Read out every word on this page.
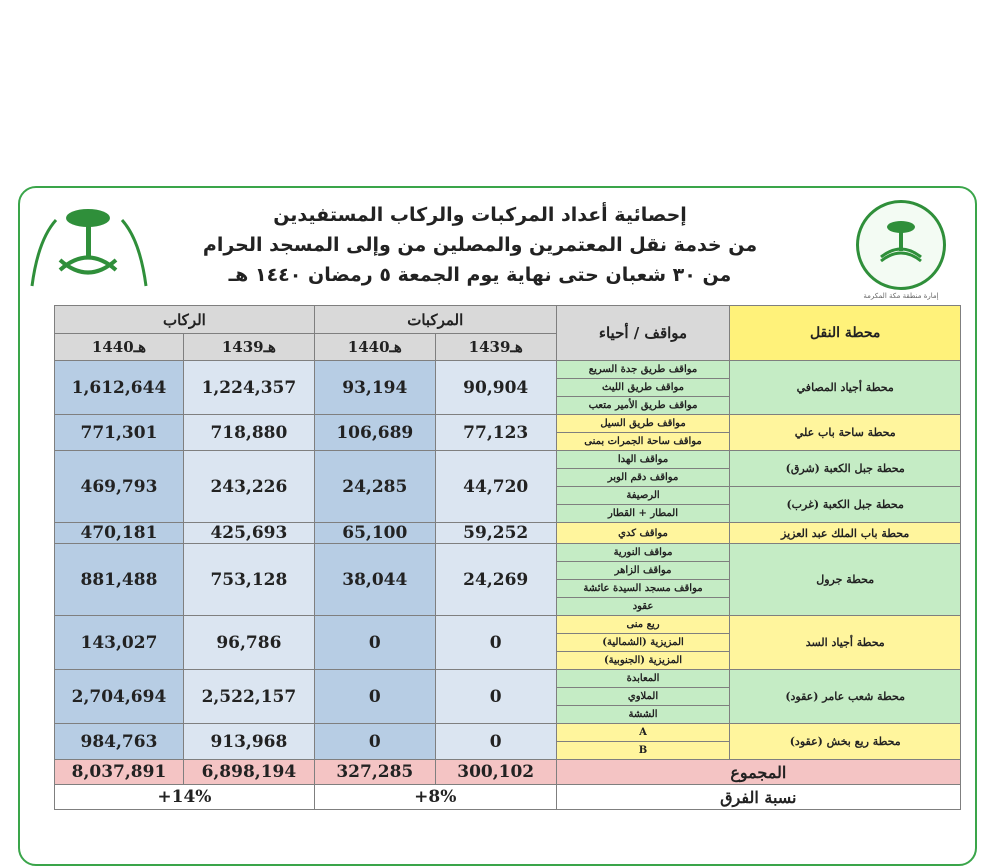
إمارة منطقة مكة المكرمة
إحصائية أعداد المركبات والركاب المستفيدين
من خدمة نقل المعتمرين والمصلين من وإلى المسجد الحرام
من ٣٠ شعبان حتى نهاية يوم الجمعة ٥ رمضان ١٤٤٠ هـ
الركاب		المركبات		مواقف / أحياء	محطة النقل
1440هـ	1439هـ	1440هـ	1439هـ		
1,612,644	1,224,357	93,194	90,904	مواقف طريق جدة السريع	محطة أجياد المصافي
				مواقف طريق الليث	
				مواقف طريق الأمير متعب	
771,301	718,880	106,689	77,123	مواقف طريق السيل	محطة ساحة باب علي
				مواقف ساحة الجمرات بمنى	
469,793	243,226	24,285	44,720	مواقف الهدا	محطة جبل الكعبة (شرق)
				مواقف دقم الوبر	
				الرصيفة	محطة جبل الكعبة (غرب)
				المطار + القطار	
470,181	425,693	65,100	59,252	مواقف كدي	محطة باب الملك عبد العزيز
881,488	753,128	38,044	24,269	مواقف النورية	محطة جرول
				مواقف الزاهر	
				مواقف مسجد السيدة عائشة	
				عقود	
143,027	96,786	0	0	ريع منى	محطة أجياد السد
				المزيزية (الشمالية)	
				المزيزية (الجنوبية)	
2,704,694	2,522,157	0	0	المعابدة	محطة شعب عامر (عقود)
				الملاوي	
				الششة	
984,763	913,968	0	0	A	محطة ريع بخش (عقود)
				B	
8,037,891	6,898,194	327,285	300,102	المجموع	
+14%		+8%		نسبة الفرق	
